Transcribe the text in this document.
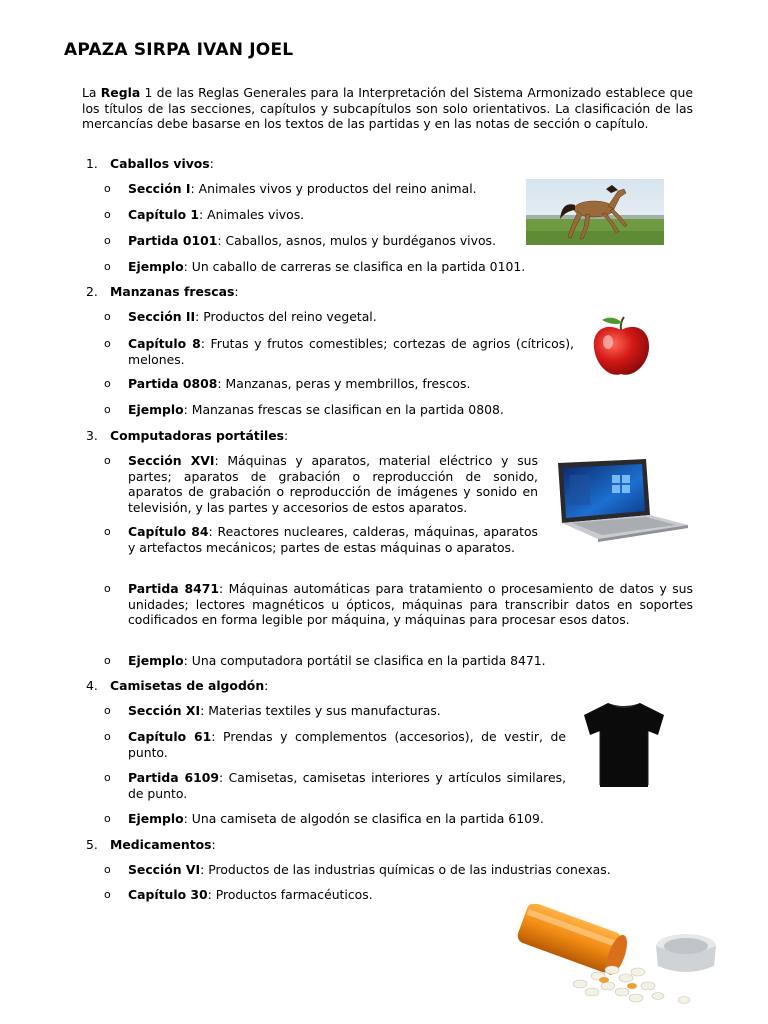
APAZA SIRPA IVAN JOEL

La Regla 1 de las Reglas Generales para la Interpretación del Sistema Armonizado establece que los títulos de las secciones, capítulos y subcapítulos son solo orientativos. La clasificación de las mercancías debe basarse en los textos de las partidas y en las notas de sección o capítulo.

1. Caballos vivos:
o Sección I: Animales vivos y productos del reino animal.
o Capítulo 1: Animales vivos.
o Partida 0101: Caballos, asnos, mulos y burdéganos vivos.
o Ejemplo: Un caballo de carreras se clasifica en la partida 0101.
2. Manzanas frescas:
o Sección II: Productos del reino vegetal.
o Capítulo 8: Frutas y frutos comestibles; cortezas de agrios (cítricos), melones.
o Partida 0808: Manzanas, peras y membrillos, frescos.
o Ejemplo: Manzanas frescas se clasifican en la partida 0808.
3. Computadoras portátiles:
o Sección XVI: Máquinas y aparatos, material eléctrico y sus partes; aparatos de grabación o reproducción de sonido, aparatos de grabación o reproducción de imágenes y sonido en televisión, y las partes y accesorios de estos aparatos.
o Capítulo 84: Reactores nucleares, calderas, máquinas, aparatos y artefactos mecánicos; partes de estas máquinas o aparatos.
o Partida 8471: Máquinas automáticas para tratamiento o procesamiento de datos y sus unidades; lectores magnéticos u ópticos, máquinas para transcribir datos en soportes codificados en forma legible por máquina, y máquinas para procesar esos datos.
o Ejemplo: Una computadora portátil se clasifica en la partida 8471.
4. Camisetas de algodón:
o Sección XI: Materias textiles y sus manufacturas.
o Capítulo 61: Prendas y complementos (accesorios), de vestir, de punto.
o Partida 6109: Camisetas, camisetas interiores y artículos similares, de punto.
o Ejemplo: Una camiseta de algodón se clasifica en la partida 6109.
5. Medicamentos:
o Sección VI: Productos de las industrias químicas o de las industrias conexas.
o Capítulo 30: Productos farmacéuticos.
